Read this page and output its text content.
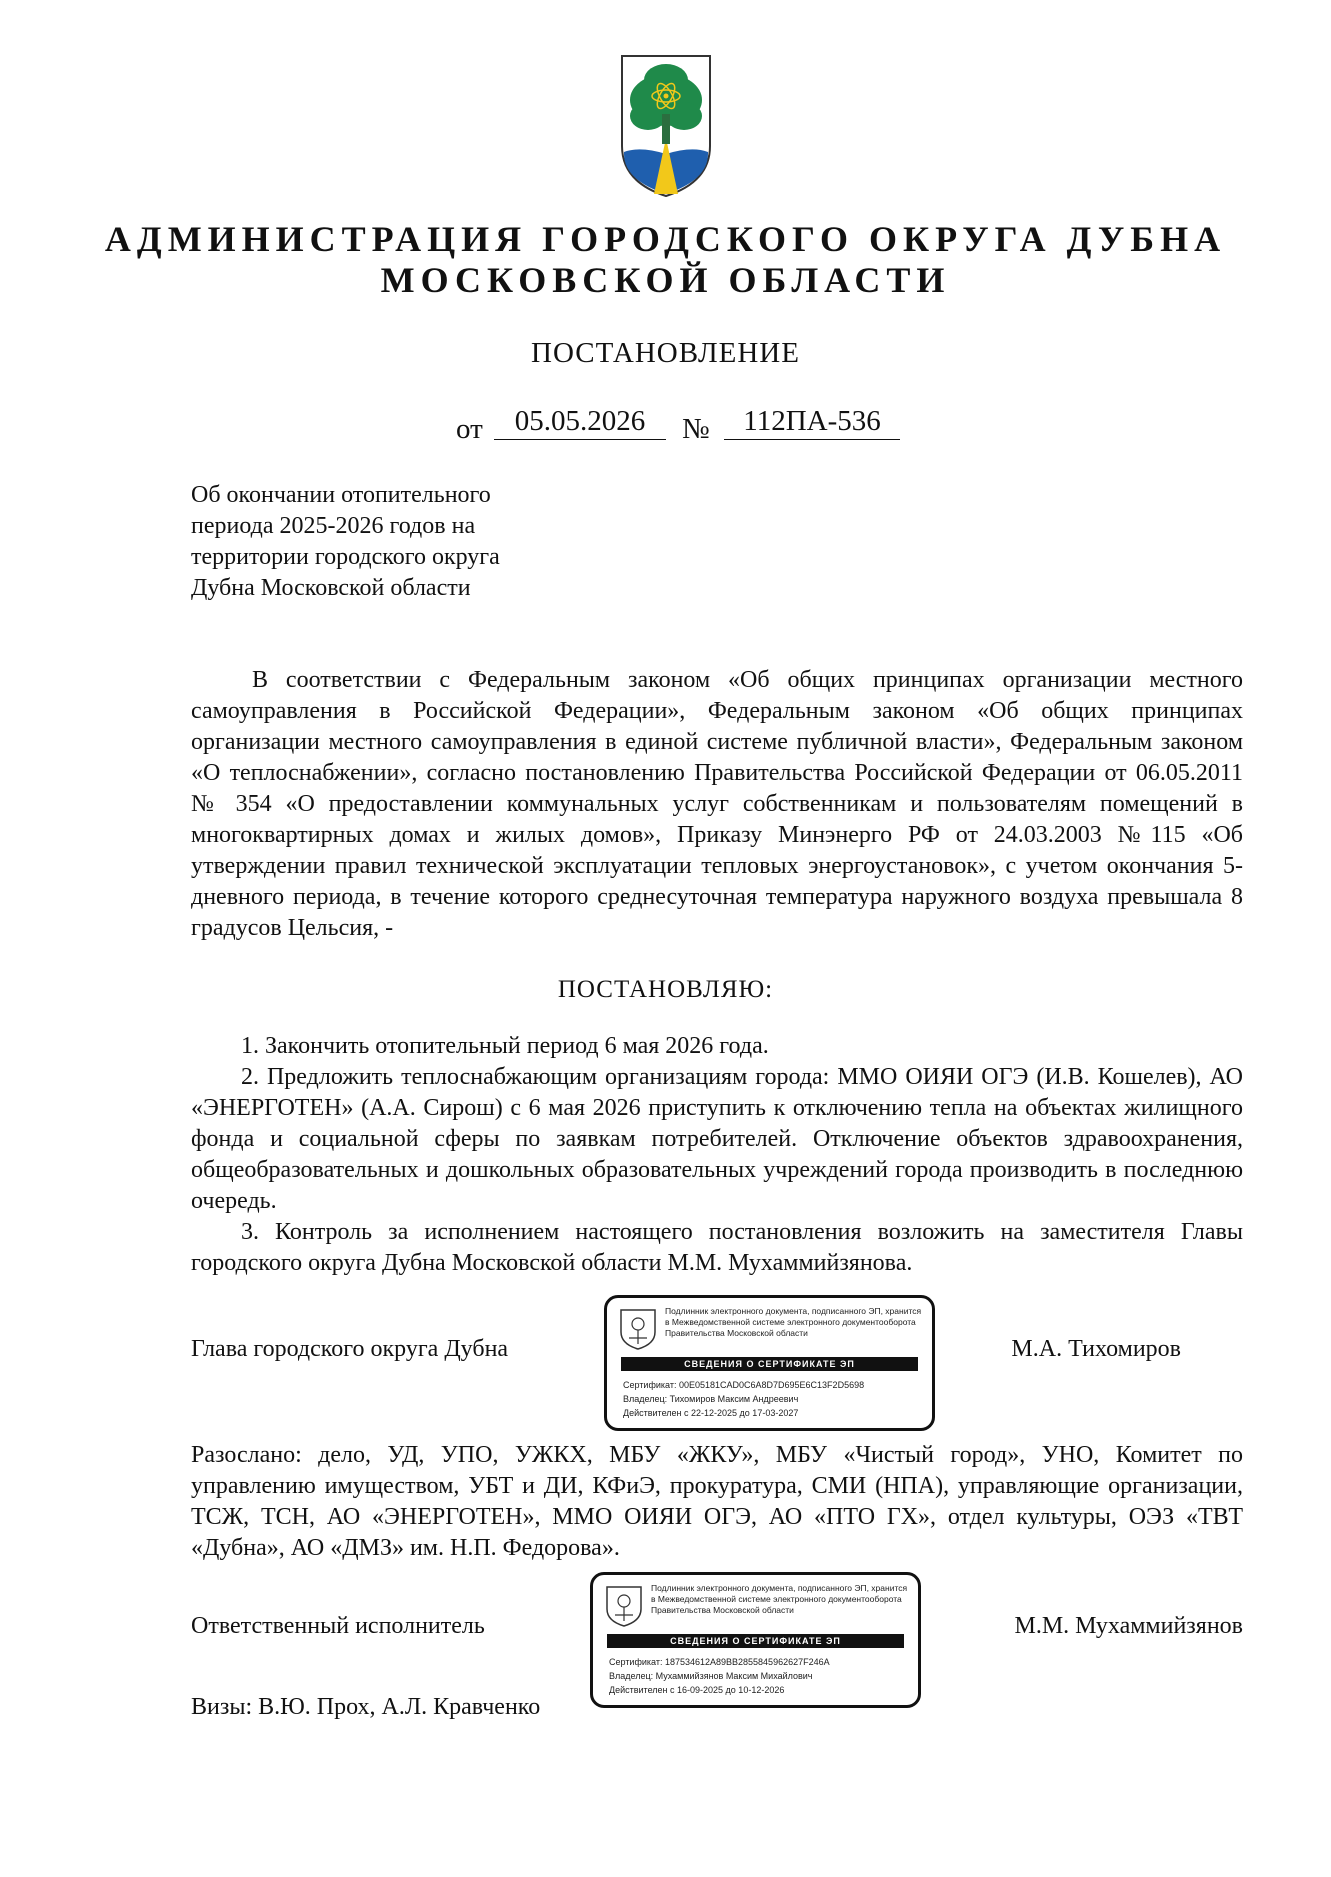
АДМИНИСТРАЦИЯ ГОРОДСКОГО ОКРУГА ДУБНА
МОСКОВСКОЙ ОБЛАСТИ
ПОСТАНОВЛЕНИЕ
от	05.05.2026	№	112ПА-536
Об окончании отопительного
периода 2025-2026 годов на
территории городского округа
Дубна Московской области
В соответствии с Федеральным законом «Об общих принципах организации местного самоуправления в Российской Федерации», Федеральным законом «Об общих принципах организации местного самоуправления в единой системе публичной власти», Федеральным законом «О теплоснабжении», согласно постановлению Правительства Российской Федерации от 06.05.2011 № 354 «О предоставлении коммунальных услуг собственникам и пользователям помещений в многоквартирных домах и жилых домов», Приказу Минэнерго РФ от 24.03.2003 №115 «Об утверждении правил технической эксплуатации тепловых энергоустановок», с учетом окончания 5-дневного периода, в течение которого среднесуточная температура наружного воздуха превышала 8 градусов Цельсия, -
ПОСТАНОВЛЯЮ:
1. Закончить отопительный период 6 мая 2026 года.
2. Предложить теплоснабжающим организациям города: ММО ОИЯИ ОГЭ (И.В. Кошелев), АО «ЭНЕРГОТЕН» (А.А. Сирош) с 6 мая 2026 приступить к отключению тепла на объектах жилищного фонда и социальной сферы по заявкам потребителей. Отключение объектов здравоохранения, общеобразовательных и дошкольных образовательных учреждений города производить в последнюю очередь.
3. Контроль за исполнением настоящего постановления возложить на заместителя Главы городского округа Дубна Московской области М.М. Мухаммийзянова.
Глава городского округа Дубна	М.А. Тихомиров
Подлинник электронного документа, подписанного ЭП, хранится в Межведомственной системе электронного документооборота Правительства Московской области
СВЕДЕНИЯ О СЕРТИФИКАТЕ ЭП
Сертификат: 00E05181CAD0C6A8D7D695E6C13F2D5698
Владелец: Тихомиров Максим Андреевич
Действителен с 22-12-2025 до 17-03-2027
Разослано: дело, УД, УПО, УЖКХ, МБУ «ЖКУ», МБУ «Чистый город», УНО, Комитет по управлению имуществом, УБТ и ДИ, КФиЭ, прокуратура, СМИ (НПА), управляющие организации, ТСЖ, ТСН, АО «ЭНЕРГОТЕН», ММО ОИЯИ ОГЭ, АО «ПТО ГХ», отдел культуры, ОЭЗ «ТВТ «Дубна», АО «ДМЗ» им. Н.П. Федорова».
Подлинник электронного документа, подписанного ЭП, хранится в Межведомственной системе электронного документооборота Правительства Московской области
СВЕДЕНИЯ О СЕРТИФИКАТЕ ЭП
Сертификат: 187534612A89BB2855845962627F246A
Владелец: Мухаммийзянов Максим Михайлович
Действителен с 16-09-2025 до 10-12-2026
Ответственный исполнитель	М.М. Мухаммийзянов
Визы: В.Ю. Прох, А.Л. Кравченко
